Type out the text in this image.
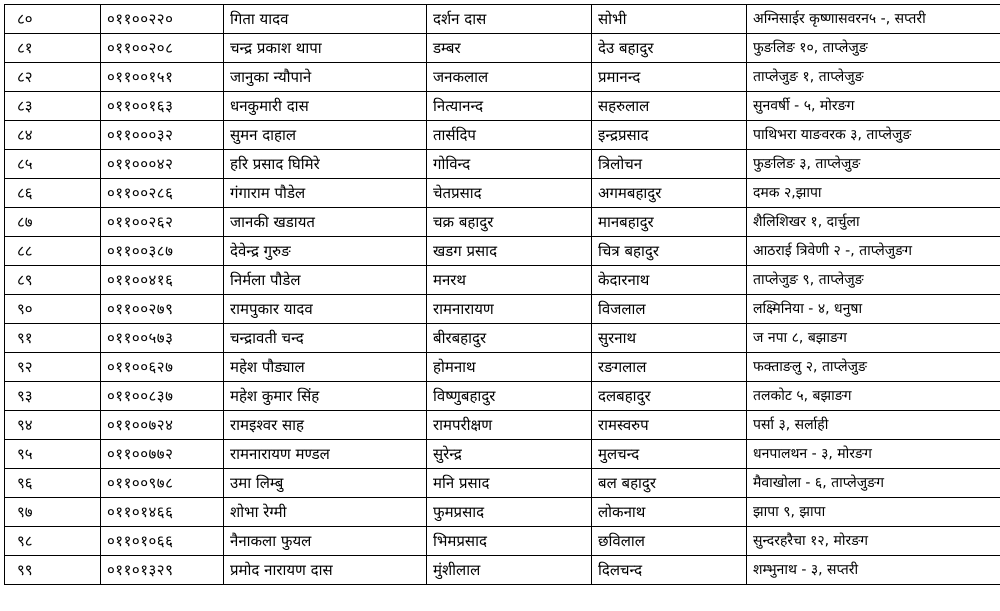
८०	०११००२२०	गिता यादव	दर्शन दास	सोभी	अग्निसाईर कृष्णासवरन५ -, सप्तरी
८१	०११००२०८	चन्द्र प्रकाश थापा	डम्बर	देउ बहादुर	फुङलिङ १०, ताप्लेजुङ
८२	०११००१५१	जानुका न्यौपाने	जनकलाल	प्रमानन्द	ताप्लेजुङ १, ताप्लेजुङ
८३	०११००१६३	धनकुमारी दास	नित्यानन्द	सहरुलाल	सुनवर्षी - ५, मोरङग
८४	०११०००३२	सुमन दाहाल	तार्सदिप	इन्द्रप्रसाद	पाथिभरा याङवरक ३, ताप्लेजुङ
८५	०११०००४२	हरि प्रसाद घिमिरे	गोविन्द	त्रिलोचन	फुङलिङ ३, ताप्लेजुङ
८६	०११००२८६	गंगाराम पौडेल	चेतप्रसाद	अगमबहादुर	दमक २,झापा
८७	०११००२६२	जानकी खडायत	चक्र बहादुर	मानबहादुर	शैलिशिखर १, दार्चुला
८८	०११००३८७	देवेन्द्र गुरुङ	खडग प्रसाद	चित्र बहादुर	आठराई त्रिवेणी २ -, ताप्लेजुङग
८९	०११००४१६	निर्मला पौडेल	मनरथ	केदारनाथ	ताप्लेजुङ ९, ताप्लेजुङ
९०	०११००२७९	रामपुकार यादव	रामनारायण	विजलाल	लक्ष्मिनिया - ४, धनुषा
९१	०११००५७३	चन्द्रावती चन्द	बीरबहादुर	सुरनाथ	ज नपा ८, बझाङग
९२	०११००६२७	महेश पौड्याल	होमनाथ	रङगलाल	फक्ताङलु २, ताप्लेजुङ
९३	०११००८३७	महेश कुमार सिंह	विष्णुबहादुर	दलबहादुर	तलकोट ५, बझाङग
९४	०११००७२४	रामइश्वर साह	रामपरीक्षण	रामस्वरुप	पर्सा ३, सर्लाही
९५	०११००७७२	रामनारायण मण्डल	सुरेन्द्र	मुलचन्द	धनपालथन - ३, मोरङग
९६	०११००९७८	उमा लिम्बु	मनि प्रसाद	बल बहादुर	मैवाखोला - ६, ताप्लेजुङग
९७	०११०१४६६	शोभा रेग्मी	फुमप्रसाद	लोकनाथ	झापा ९, झापा
९८	०११०१०६६	नैनाकला फुयल	भिमप्रसाद	छविलाल	सुन्दरहरैचा १२, मोरङग
९९	०११०१३२९	प्रमोद नारायण दास	मुंशीलाल	दिलचन्द	शम्भुनाथ - ३, सप्तरी
